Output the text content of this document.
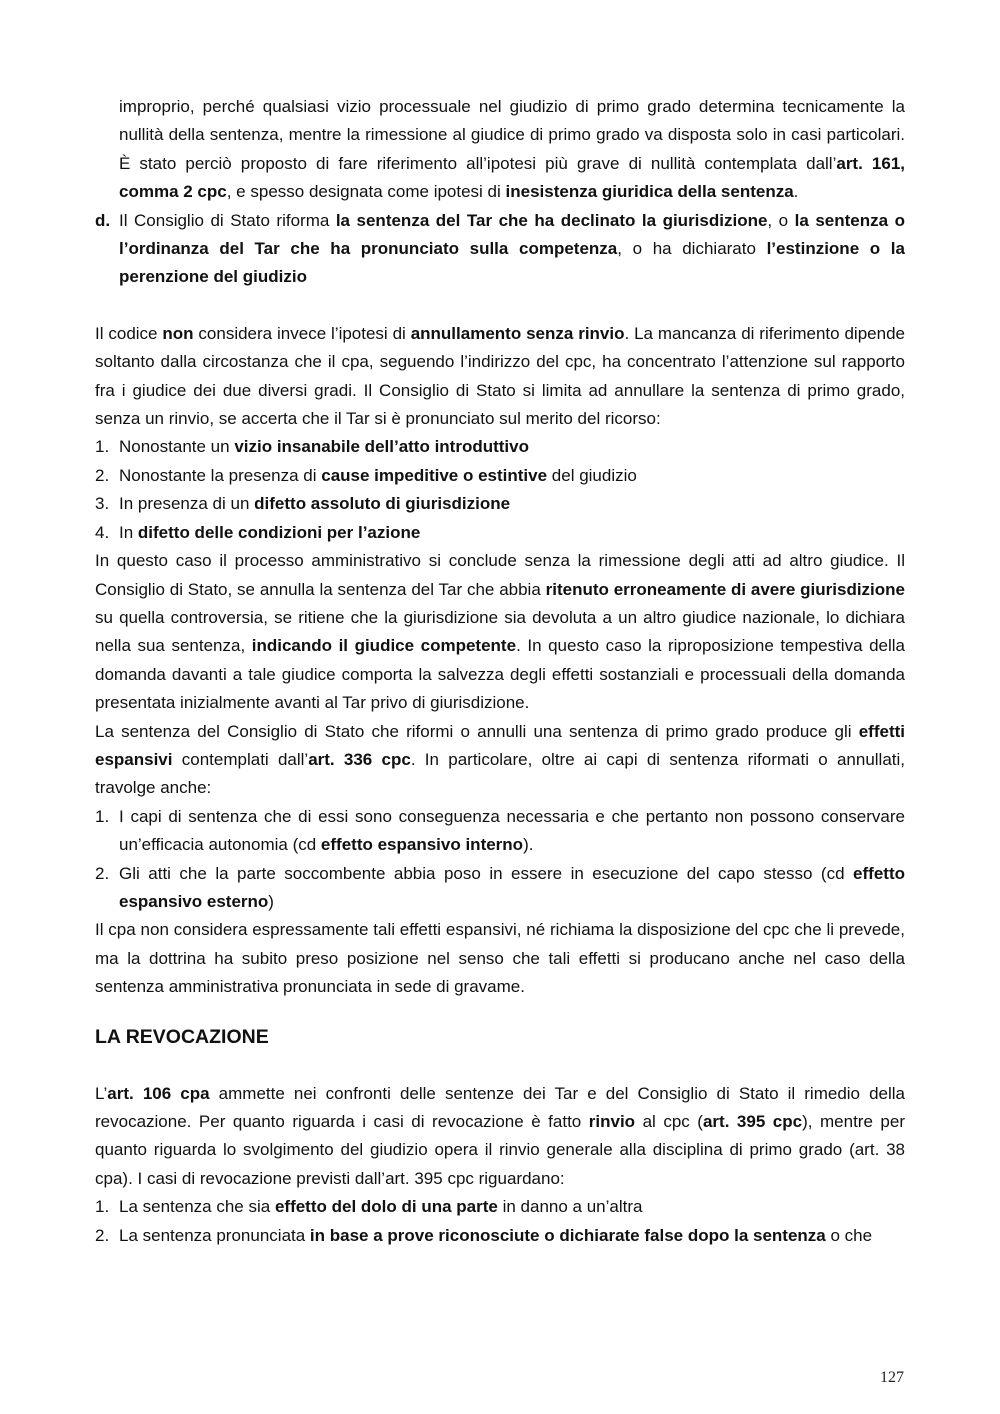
improprio, perché qualsiasi vizio processuale nel giudizio di primo grado determina tecnicamente la nullità della sentenza, mentre la rimessione al giudice di primo grado va disposta solo in casi particolari. È stato perciò proposto di fare riferimento all’ipotesi più grave di nullità contemplata dall’art. 161, comma 2 cpc, e spesso designata come ipotesi di inesistenza giuridica della sentenza.
d. Il Consiglio di Stato riforma la sentenza del Tar che ha declinato la giurisdizione, o la sentenza o l’ordinanza del Tar che ha pronunciato sulla competenza, o ha dichiarato l’estinzione o la perenzione del giudizio

Il codice non considera invece l’ipotesi di annullamento senza rinvio. La mancanza di riferimento dipende soltanto dalla circostanza che il cpa, seguendo l’indirizzo del cpc, ha concentrato l’attenzione sul rapporto fra i giudice dei due diversi gradi. Il Consiglio di Stato si limita ad annullare la sentenza di primo grado, senza un rinvio, se accerta che il Tar si è pronunciato sul merito del ricorso:

1. Nonostante un vizio insanabile dell’atto introduttivo
2. Nonostante la presenza di cause impeditive o estintive del giudizio
3. In presenza di un difetto assoluto di giurisdizione
4. In difetto delle condizioni per l’azione

In questo caso il processo amministrativo si conclude senza la rimessione degli atti ad altro giudice. Il Consiglio di Stato, se annulla la sentenza del Tar che abbia ritenuto erroneamente di avere giurisdizione su quella controversia, se ritiene che la giurisdizione sia devoluta a un altro giudice nazionale, lo dichiara nella sua sentenza, indicando il giudice competente. In questo caso la riproposizione tempestiva della domanda davanti a tale giudice comporta la salvezza degli effetti sostanziali e processuali della domanda presentata inizialmente avanti al Tar privo di giurisdizione.

La sentenza del Consiglio di Stato che riformi o annulli una sentenza di primo grado produce gli effetti espansivi contemplati dall’art. 336 cpc. In particolare, oltre ai capi di sentenza riformati o annullati, travolge anche:

1. I capi di sentenza che di essi sono conseguenza necessaria e che pertanto non possono conservare un’efficacia autonomia (cd effetto espansivo interno).
2. Gli atti che la parte soccombente abbia poso in essere in esecuzione del capo stesso (cd effetto espansivo esterno)

Il cpa non considera espressamente tali effetti espansivi, né richiama la disposizione del cpc che li prevede, ma la dottrina ha subito preso posizione nel senso che tali effetti si producano anche nel caso della sentenza amministrativa pronunciata in sede di gravame.

LA REVOCAZIONE

L’art. 106 cpa ammette nei confronti delle sentenze dei Tar e del Consiglio di Stato il rimedio della revocazione. Per quanto riguarda i casi di revocazione è fatto rinvio al cpc (art. 395 cpc), mentre per quanto riguarda lo svolgimento del giudizio opera il rinvio generale alla disciplina di primo grado (art. 38 cpa). I casi di revocazione previsti dall’art. 395 cpc riguardano:

1. La sentenza che sia effetto del dolo di una parte in danno a un’altra
2. La sentenza pronunciata in base a prove riconosciute o dichiarate false dopo la sentenza o che
127
